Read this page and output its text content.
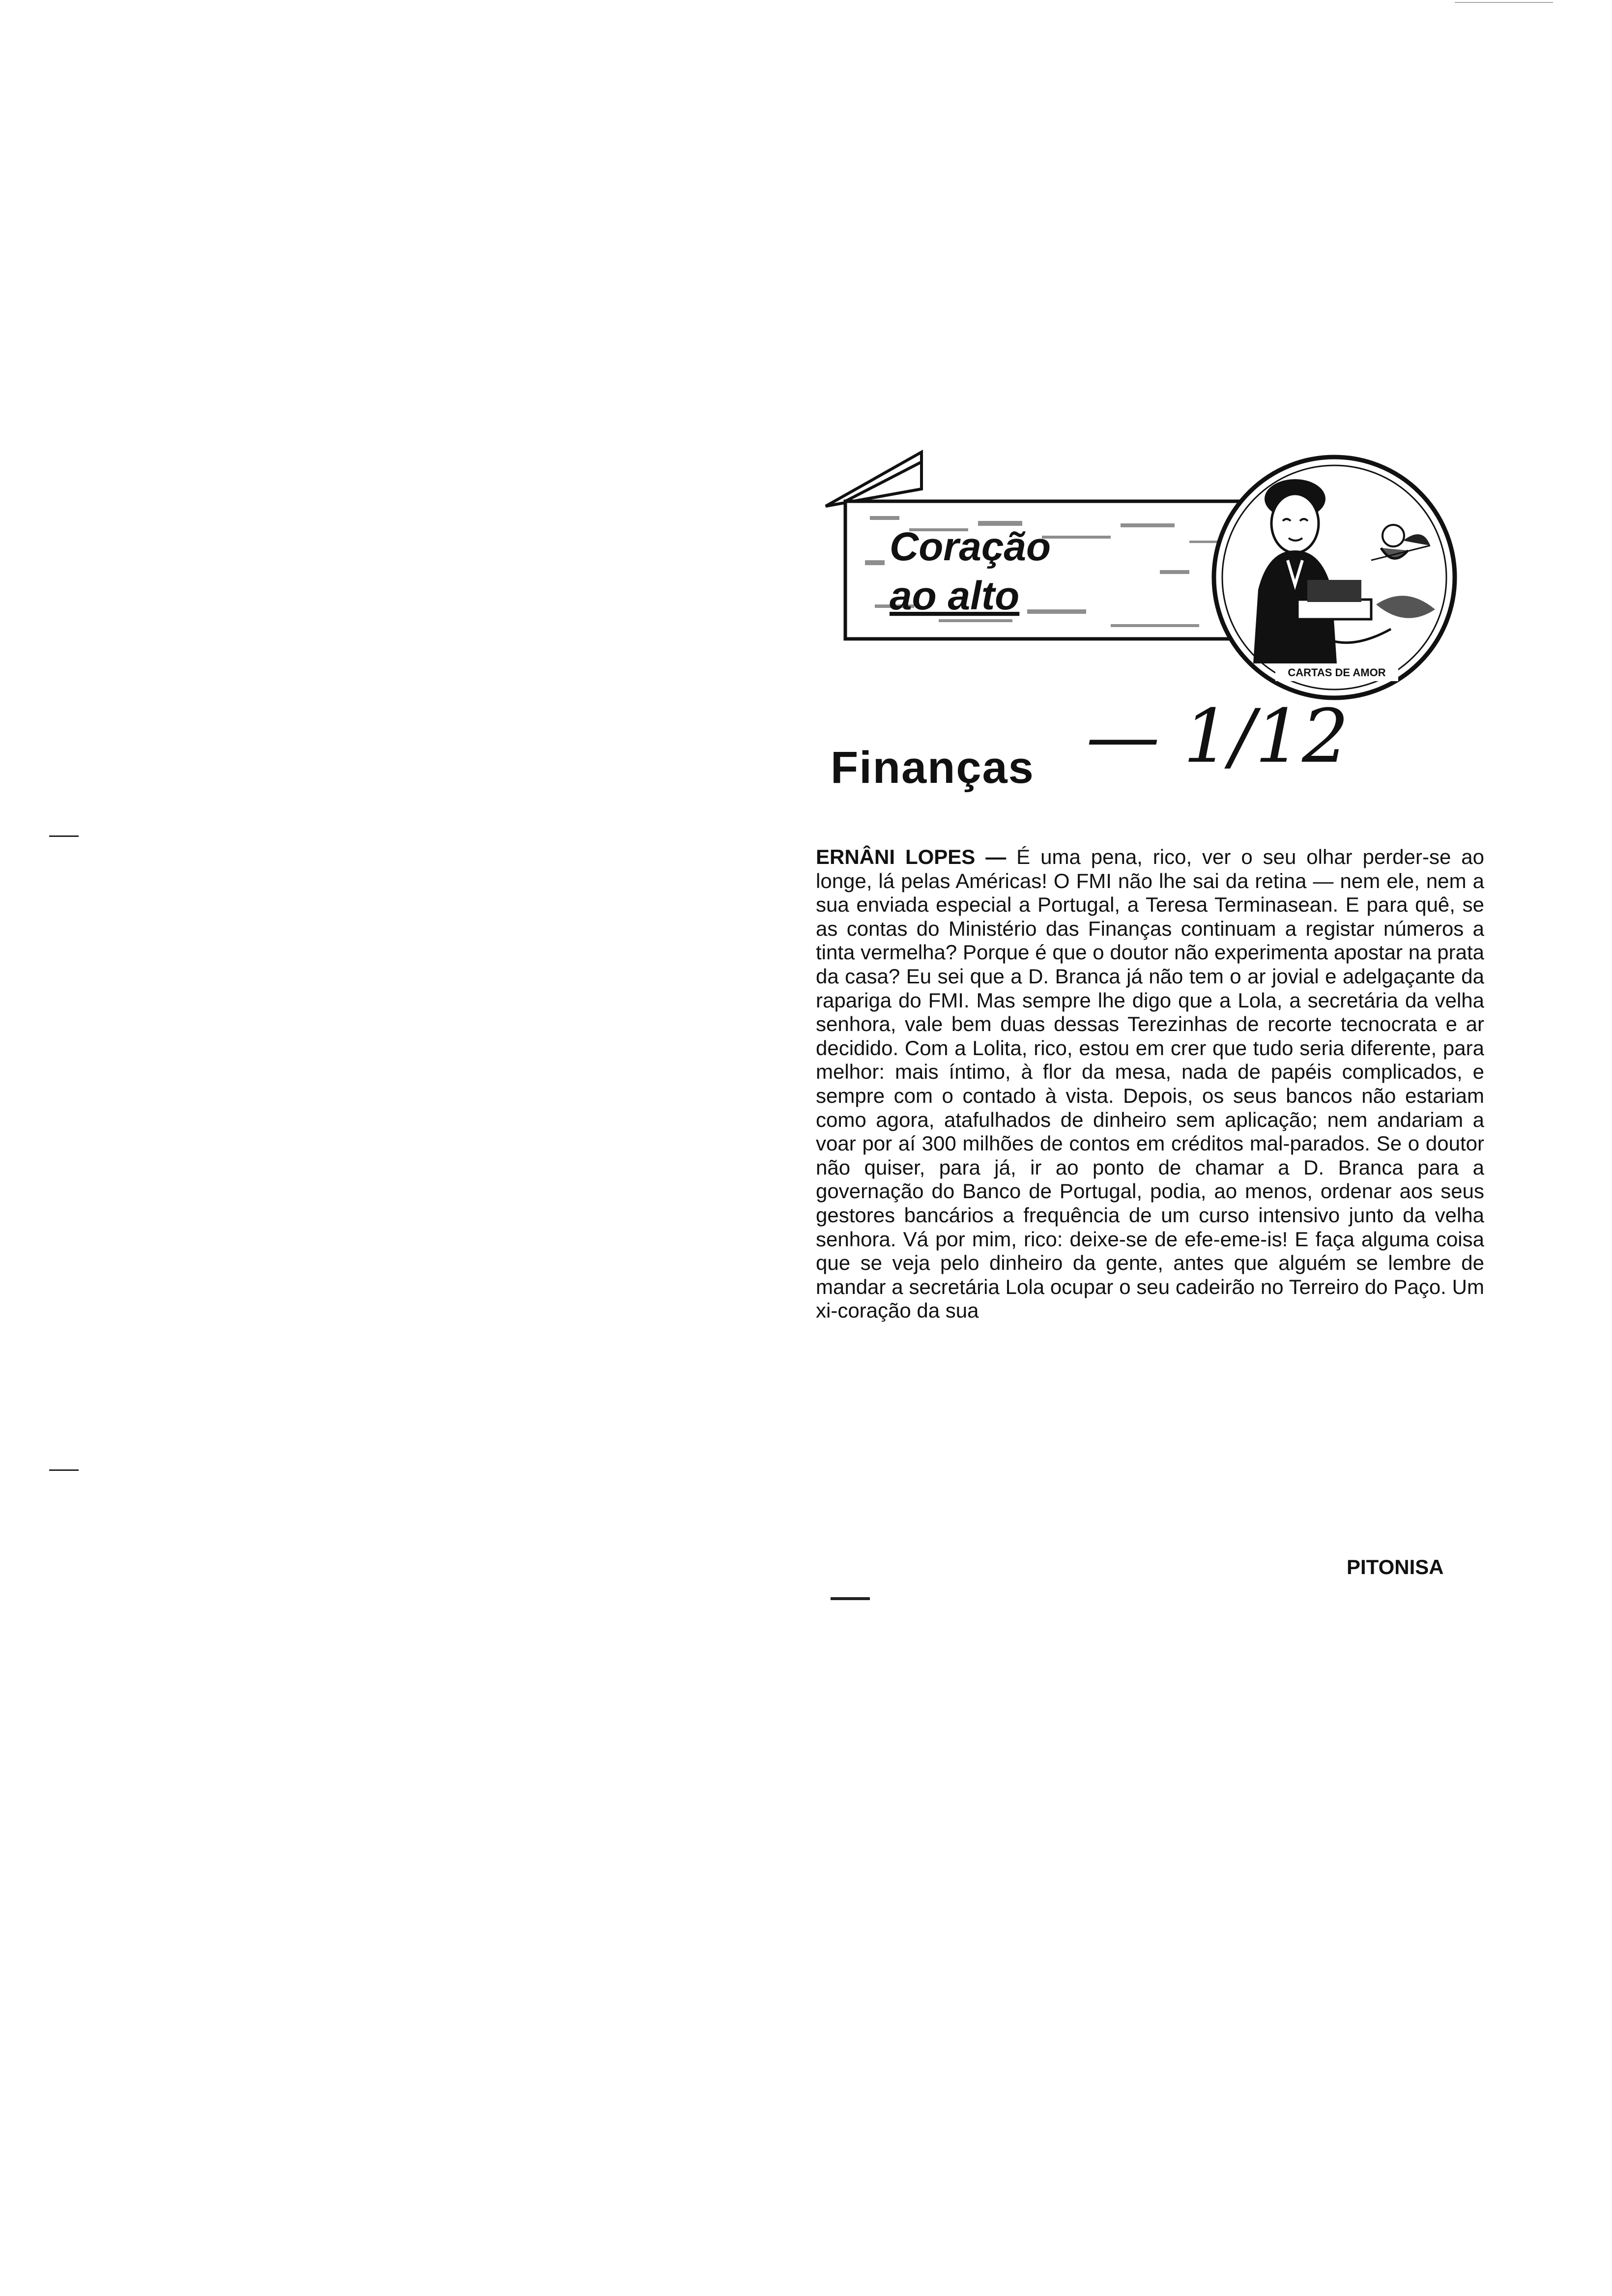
Coração
ao alto
CARTAS DE AMOR
— 1/12
Finanças
ERNÂNI LOPES — É uma pena, rico, ver o seu olhar perder-se ao longe, lá pelas Américas! O FMI não lhe sai da retina — nem ele, nem a sua enviada especial a Portugal, a Teresa Terminasean. E para quê, se as contas do Ministério das Finanças continuam a registar números a tinta vermelha? Porque é que o doutor não experimenta apostar na prata da casa? Eu sei que a D. Branca já não tem o ar jovial e adelgaçante da rapariga do FMI. Mas sempre lhe digo que a Lola, a secretária da velha senhora, vale bem duas dessas Terezinhas de recorte tecnocrata e ar decidido. Com a Lolita, rico, estou em crer que tudo seria diferente, para melhor: mais íntimo, à flor da mesa, nada de papéis complicados, e sempre com o contado à vista. Depois, os seus bancos não estariam como agora, atafulhados de dinheiro sem aplicação; nem andariam a voar por aí 300 milhões de contos em créditos mal-parados. Se o doutor não quiser, para já, ir ao ponto de chamar a D. Branca para a governação do Banco de Portugal, podia, ao menos, ordenar aos seus gestores bancários a frequência de um curso intensivo junto da velha senhora. Vá por mim, rico: deixe-se de efe-eme-is! E faça alguma coisa que se veja pelo dinheiro da gente, antes que alguém se lembre de mandar a secretária Lola ocupar o seu cadeirão no Terreiro do Paço. Um xi-coração da sua
PITONISA
